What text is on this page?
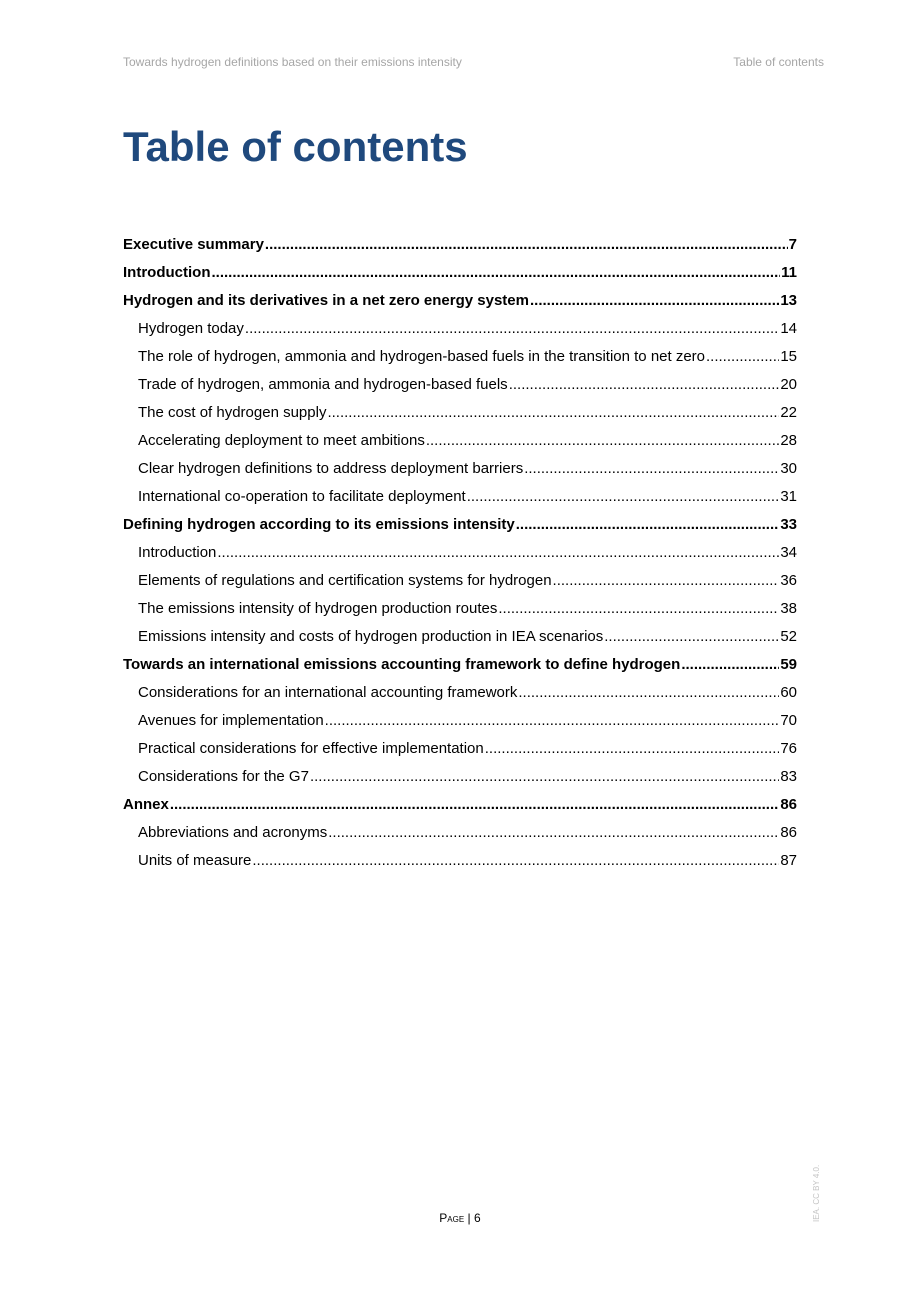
Towards hydrogen definitions based on their emissions intensity	Table of contents
Table of contents
Executive summary .....	7
Introduction .....	11
Hydrogen and its derivatives in a net zero energy system .....	13
Hydrogen today .....	14
The role of hydrogen, ammonia and hydrogen-based fuels in the transition to net zero .....	15
Trade of hydrogen, ammonia and hydrogen-based fuels .....	20
The cost of hydrogen supply .....	22
Accelerating deployment to meet ambitions .....	28
Clear hydrogen definitions to address deployment barriers .....	30
International co-operation to facilitate deployment .....	31
Defining hydrogen according to its emissions intensity .....	33
Introduction .....	34
Elements of regulations and certification systems for hydrogen .....	36
The emissions intensity of hydrogen production routes .....	38
Emissions intensity and costs of hydrogen production in IEA scenarios .....	52
Towards an international emissions accounting framework to define hydrogen .....	59
Considerations for an international accounting framework .....	60
Avenues for implementation .....	70
Practical considerations for effective implementation .....	76
Considerations for the G7 .....	83
Annex .....	86
Abbreviations and acronyms .....	86
Units of measure .....	87
Page | 6	IEA. CC BY 4.0.
